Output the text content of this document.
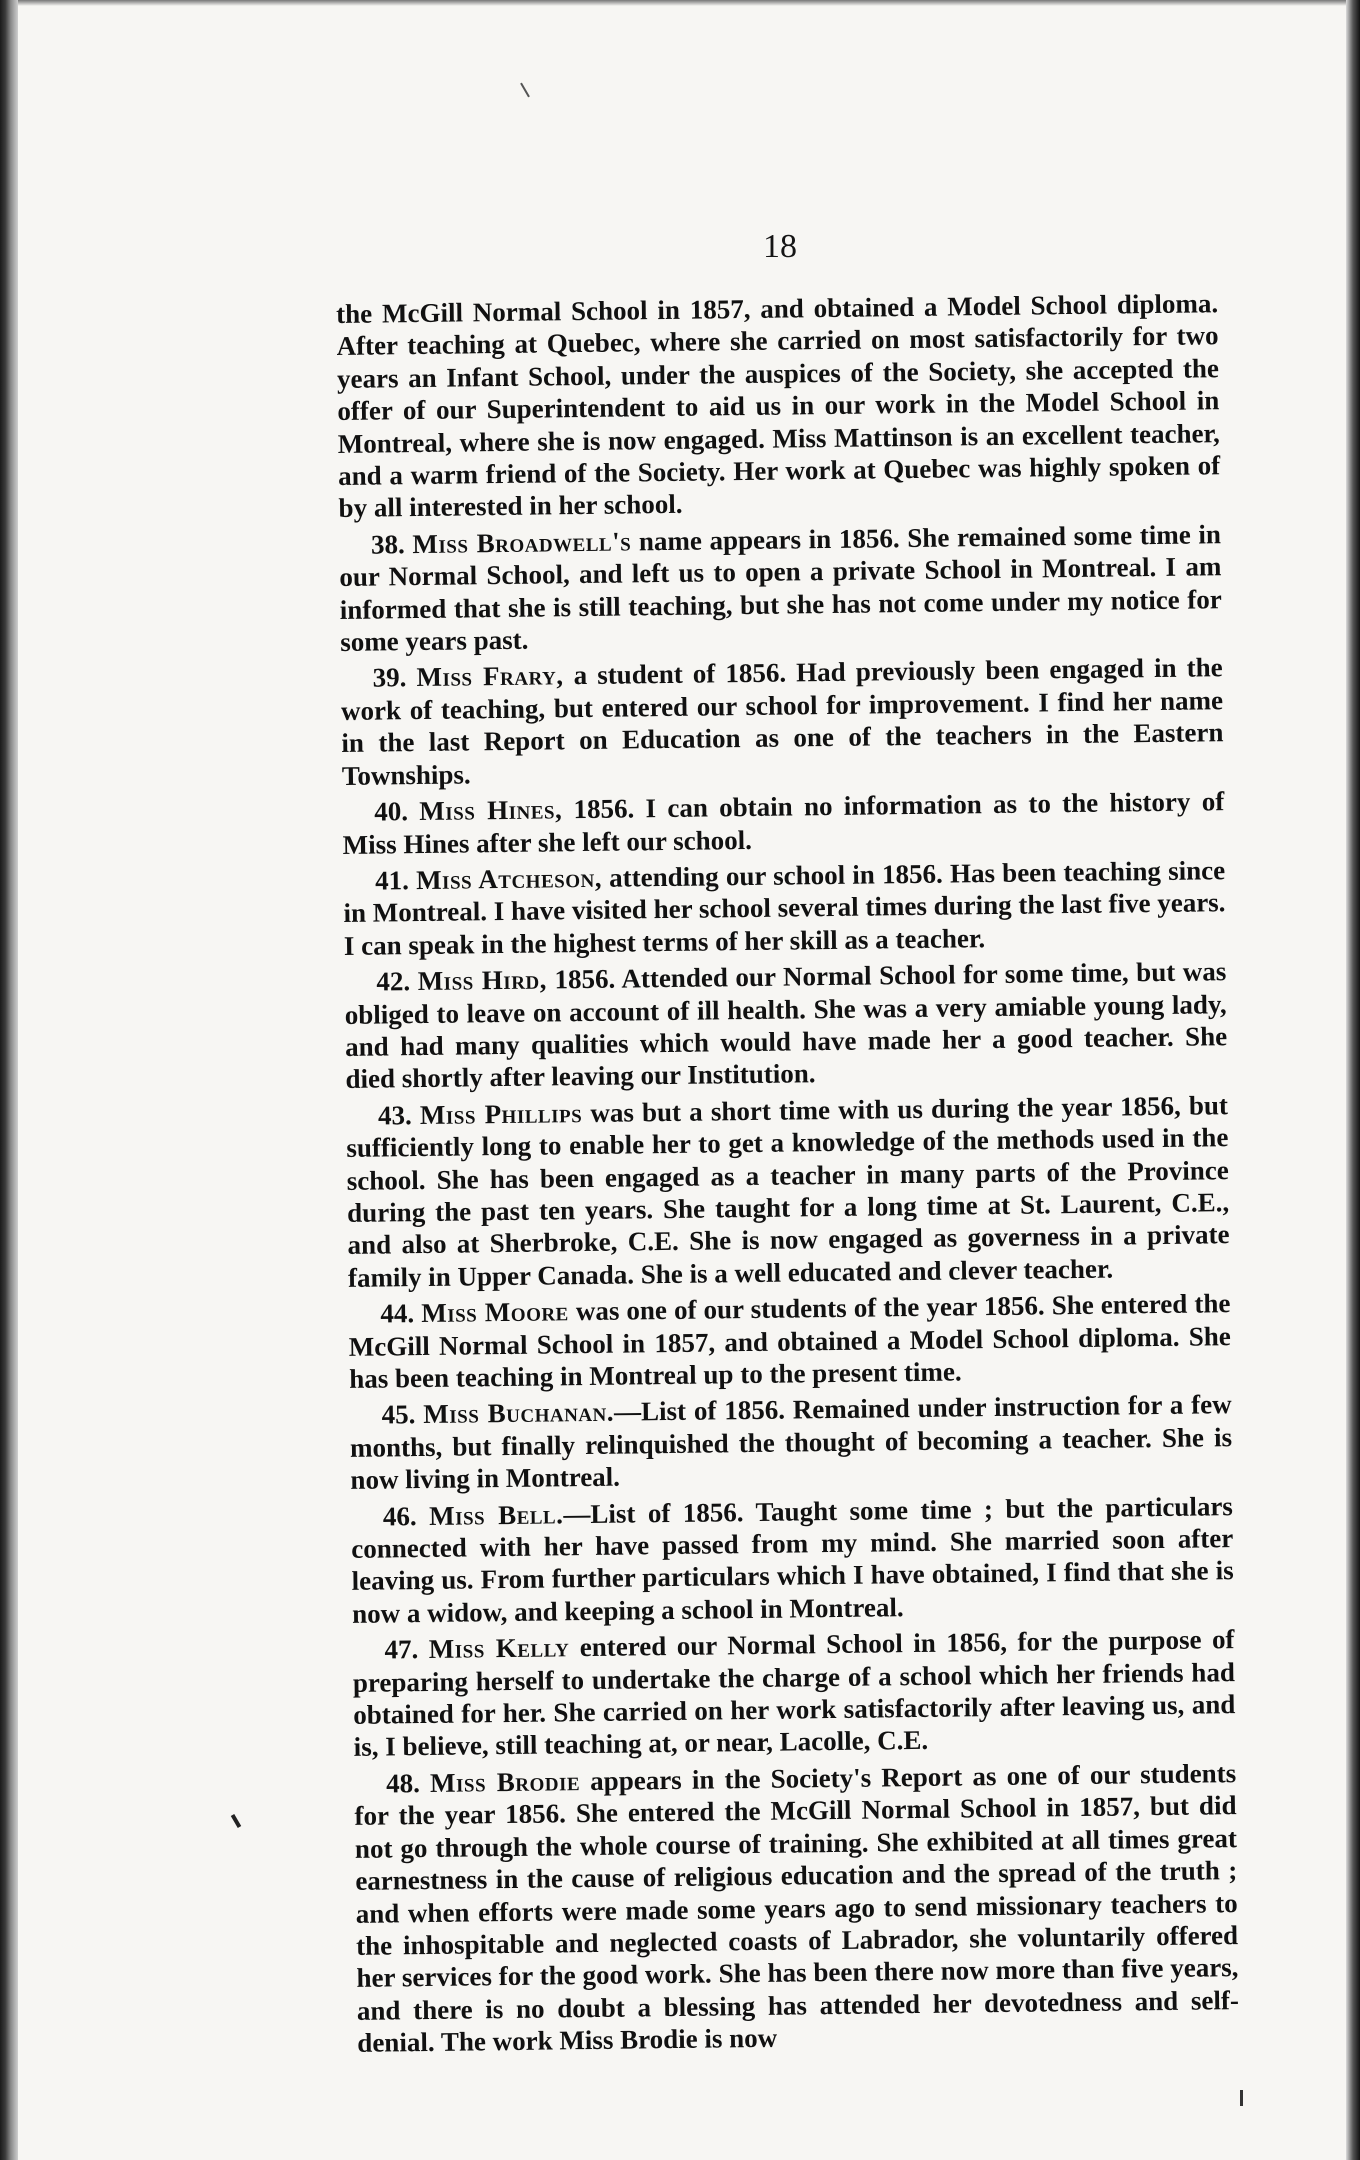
18

the McGill Normal School in 1857, and obtained a Model School diploma. After teaching at Quebec, where she carried on most satisfactorily for two years an Infant School, under the auspices of the Society, she accepted the offer of our Superintendent to aid us in our work in the Model School in Montreal, where she is now engaged. Miss Mattinson is an excellent teacher, and a warm friend of the Society. Her work at Quebec was highly spoken of by all interested in her school.

38. Miss Broadwell's name appears in 1856. She remained some time in our Normal School, and left us to open a private School in Montreal. I am informed that she is still teaching, but she has not come under my notice for some years past.

39. Miss Frary, a student of 1856. Had previously been engaged in the work of teaching, but entered our school for improvement. I find her name in the last Report on Education as one of the teachers in the Eastern Townships.

40. Miss Hines, 1856. I can obtain no information as to the history of Miss Hines after she left our school.

41. Miss Atcheson, attending our school in 1856. Has been teaching since in Montreal. I have visited her school several times during the last five years. I can speak in the highest terms of her skill as a teacher.

42. Miss Hird, 1856. Attended our Normal School for some time, but was obliged to leave on account of ill health. She was a very amiable young lady, and had many qualities which would have made her a good teacher. She died shortly after leaving our Institution.

43. Miss Phillips was but a short time with us during the year 1856, but sufficiently long to enable her to get a knowledge of the methods used in the school. She has been engaged as a teacher in many parts of the Province during the past ten years. She taught for a long time at St. Laurent, C.E., and also at Sherbroke, C.E. She is now engaged as governess in a private family in Upper Canada. She is a well educated and clever teacher.

44. Miss Moore was one of our students of the year 1856. She entered the McGill Normal School in 1857, and obtained a Model School diploma. She has been teaching in Montreal up to the present time.

45. Miss Buchanan.—List of 1856. Remained under instruction for a few months, but finally relinquished the thought of becoming a teacher. She is now living in Montreal.

46. Miss Bell.—List of 1856. Taught some time ; but the particulars connected with her have passed from my mind. She married soon after leaving us. From further particulars which I have obtained, I find that she is now a widow, and keeping a school in Montreal.

47. Miss Kelly entered our Normal School in 1856, for the purpose of preparing herself to undertake the charge of a school which her friends had obtained for her. She carried on her work satisfactorily after leaving us, and is, I believe, still teaching at, or near, Lacolle, C.E.

48. Miss Brodie appears in the Society's Report as one of our students for the year 1856. She entered the McGill Normal School in 1857, but did not go through the whole course of training. She exhibited at all times great earnestness in the cause of religious education and the spread of the truth ; and when efforts were made some years ago to send missionary teachers to the inhospitable and neglected coasts of Labrador, she voluntarily offered her services for the good work. She has been there now more than five years, and there is no doubt a blessing has attended her devotedness and self-denial. The work Miss Brodie is now
